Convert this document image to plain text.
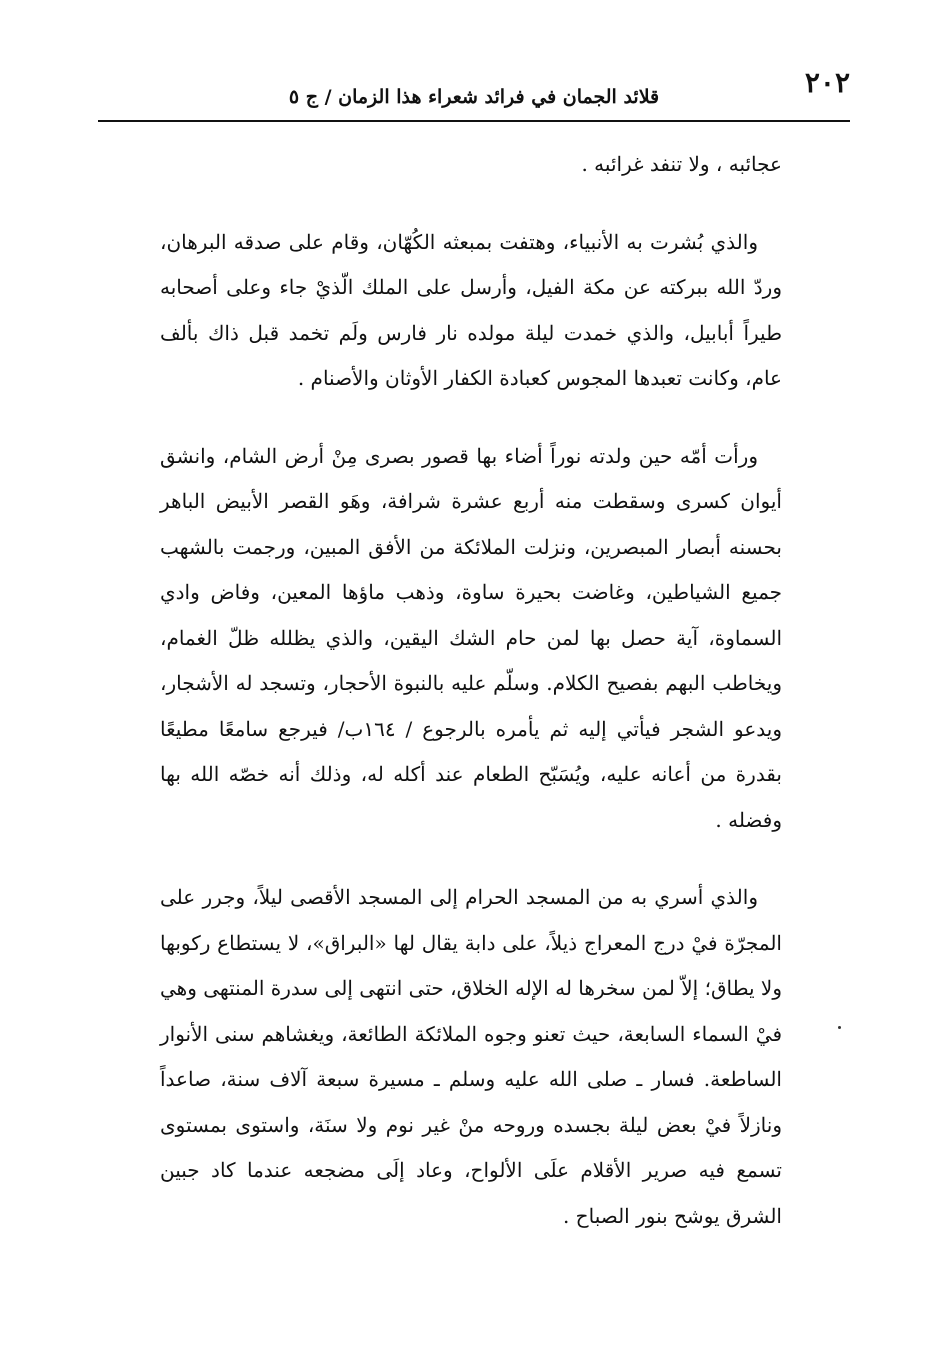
٢٠٢
قلائد الجمان في فرائد شعراء هذا الزمان / ج ٥

عجائبه ، ولا تنفد غرائبه .

والذي بُشرت به الأنبياء، وهتفت بمبعثه الكُهّان، وقام على صدقه البرهان، وردّ الله ببركته عن مكة الفيل، وأرسل على الملك الّذيْ جاء وعلى أصحابه طيراً أبابيل، والذي خمدت ليلة مولده نار فارس ولَم تخمد قبل ذاك بألف عام، وكانت تعبدها المجوس كعبادة الكفار الأوثان والأصنام .

ورأت أمّه حين ولدته نوراً أضاء بها قصور بصرى مِنْ أرض الشام، وانشق أيوان كسرى وسقطت منه أربع عشرة شرافة، وهَو القصر الأبيض الباهر بحسنه أبصار المبصرين، ونزلت الملائكة من الأفق المبين، ورجمت بالشهب جميع الشياطين، وغاضت بحيرة ساوة، وذهب ماؤها المعين، وفاض وادي السماوة، آية حصل بها لمن حام الشك اليقين، والذي يظلله ظلّ الغمام، ويخاطب البهم بفصيح الكلام. وسلّم عليه بالنبوة الأحجار، وتسجد له الأشجار، ويدعو الشجر فيأتي إليه ثم يأمره بالرجوع / ١٦٤ب/ فيرجع سامعًا مطيعًا بقدرة من أعانه عليه، ويُسَبّح الطعام عند أكله له، وذلك أنه خصّه الله بها وفضله .

والذي أسري به من المسجد الحرام إلى المسجد الأقصى ليلاً، وجرر على المجرّة فيْ درج المعراج ذيلاً، على دابة يقال لها «البراق»، لا يستطاع ركوبها ولا يطاق؛ إلاّ لمن سخرها له الإله الخلاق، حتى انتهى إلى سدرة المنتهى وهي فيْ السماء السابعة، حيث تعنو وجوه الملائكة الطائعة، ويغشاهم سنى الأنوار الساطعة. فسار ـ صلى الله عليه وسلم ـ مسيرة سبعة آلاف سنة، صاعداً ونازلاً فيْ بعض ليلة بجسده وروحه منْ غير نوم ولا سنَة، واستوى بمستوى تسمع فيه صرير الأقلام علَى الألواح، وعاد إلَى مضجعه عندما كاد جبين الشرق يوشح بنور الصباح .
